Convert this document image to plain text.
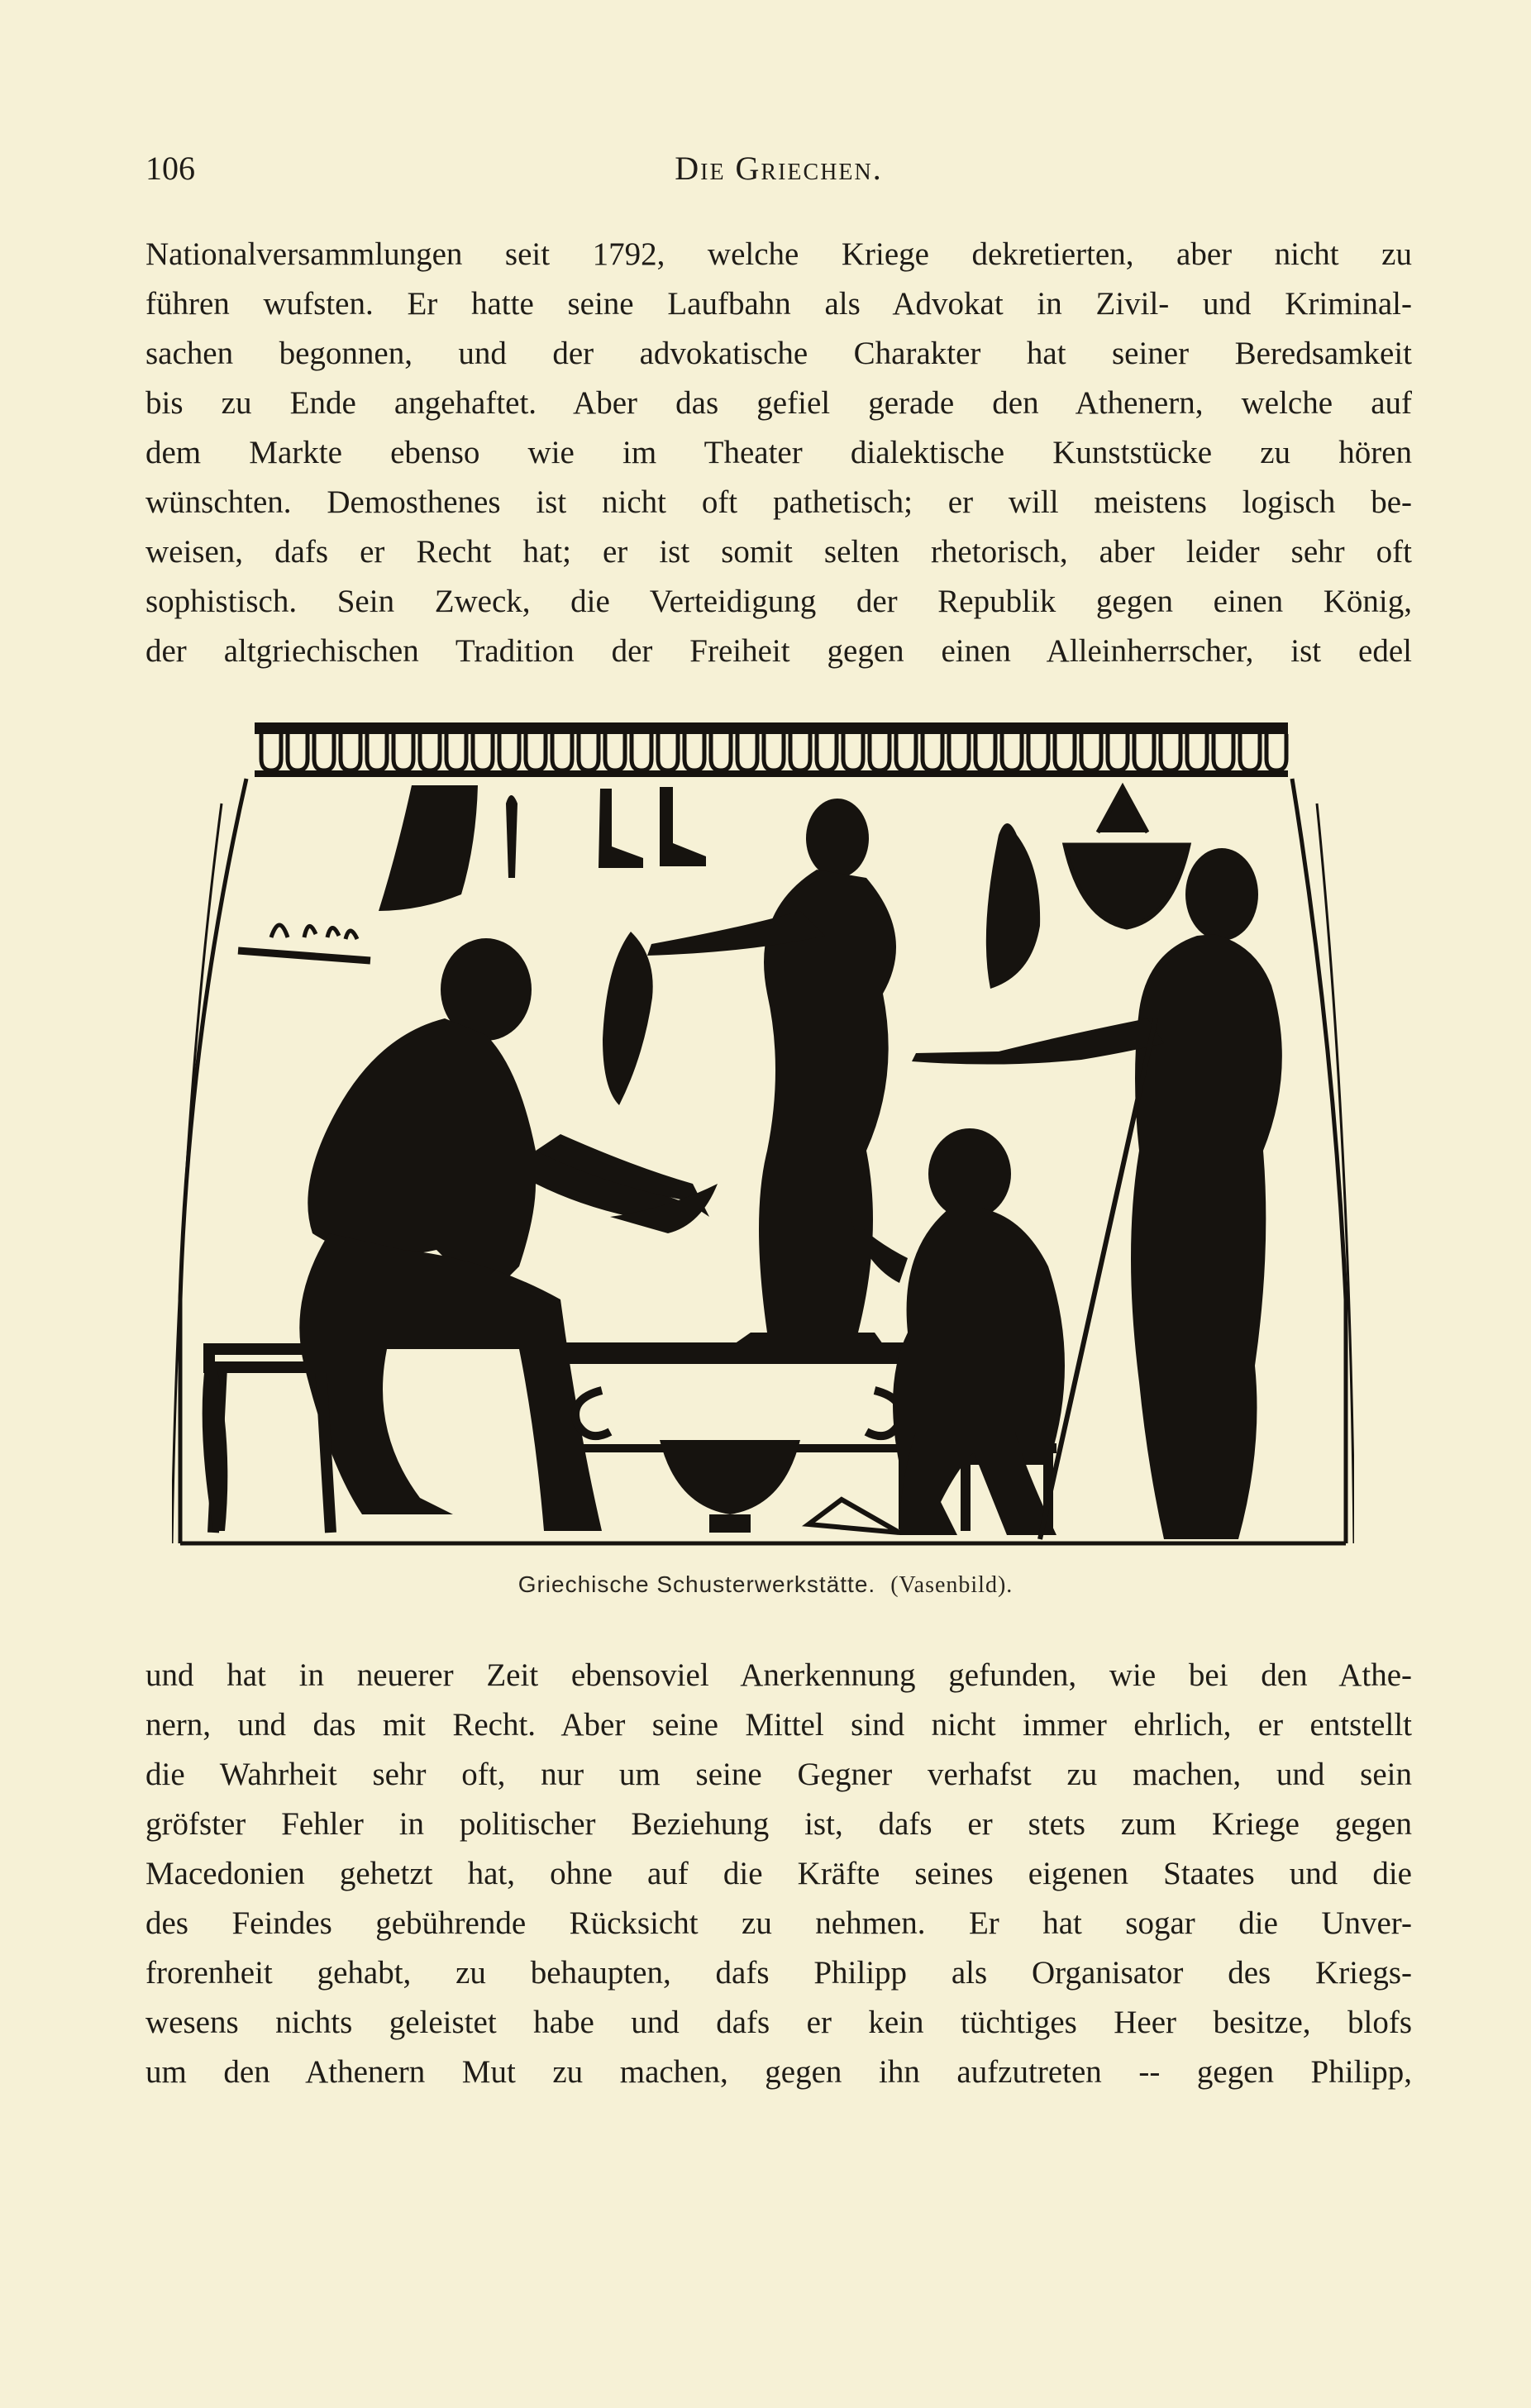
106	Die Griechen.
Nationalversammlungen seit 1792, welche Kriege dekretierten, aber nicht zu
führen wufsten. Er hatte seine Laufbahn als Advokat in Zivil- und Kriminal-
sachen begonnen, und der advokatische Charakter hat seiner Beredsamkeit
bis zu Ende angehaftet. Aber das gefiel gerade den Athenern, welche auf
dem Markte ebenso wie im Theater dialektische Kunststücke zu hören
wünschten. Demosthenes ist nicht oft pathetisch; er will meistens logisch be-
weisen, dafs er Recht hat; er ist somit selten rhetorisch, aber leider sehr oft
sophistisch. Sein Zweck, die Verteidigung der Republik gegen einen König,
der altgriechischen Tradition der Freiheit gegen einen Alleinherrscher, ist edel
Griechische Schusterwerkstätte. (Vasenbild).
und hat in neuerer Zeit ebensoviel Anerkennung gefunden, wie bei den Athe-
nern, und das mit Recht. Aber seine Mittel sind nicht immer ehrlich, er entstellt
die Wahrheit sehr oft, nur um seine Gegner verhafst zu machen, und sein
gröfster Fehler in politischer Beziehung ist, dafs er stets zum Kriege gegen
Macedonien gehetzt hat, ohne auf die Kräfte seines eigenen Staates und die
des Feindes gebührende Rücksicht zu nehmen. Er hat sogar die Unver-
frorenheit gehabt, zu behaupten, dafs Philipp als Organisator des Kriegs-
wesens nichts geleistet habe und dafs er kein tüchtiges Heer besitze, blofs
um den Athenern Mut zu machen, gegen ihn aufzutreten -- gegen Philipp,
